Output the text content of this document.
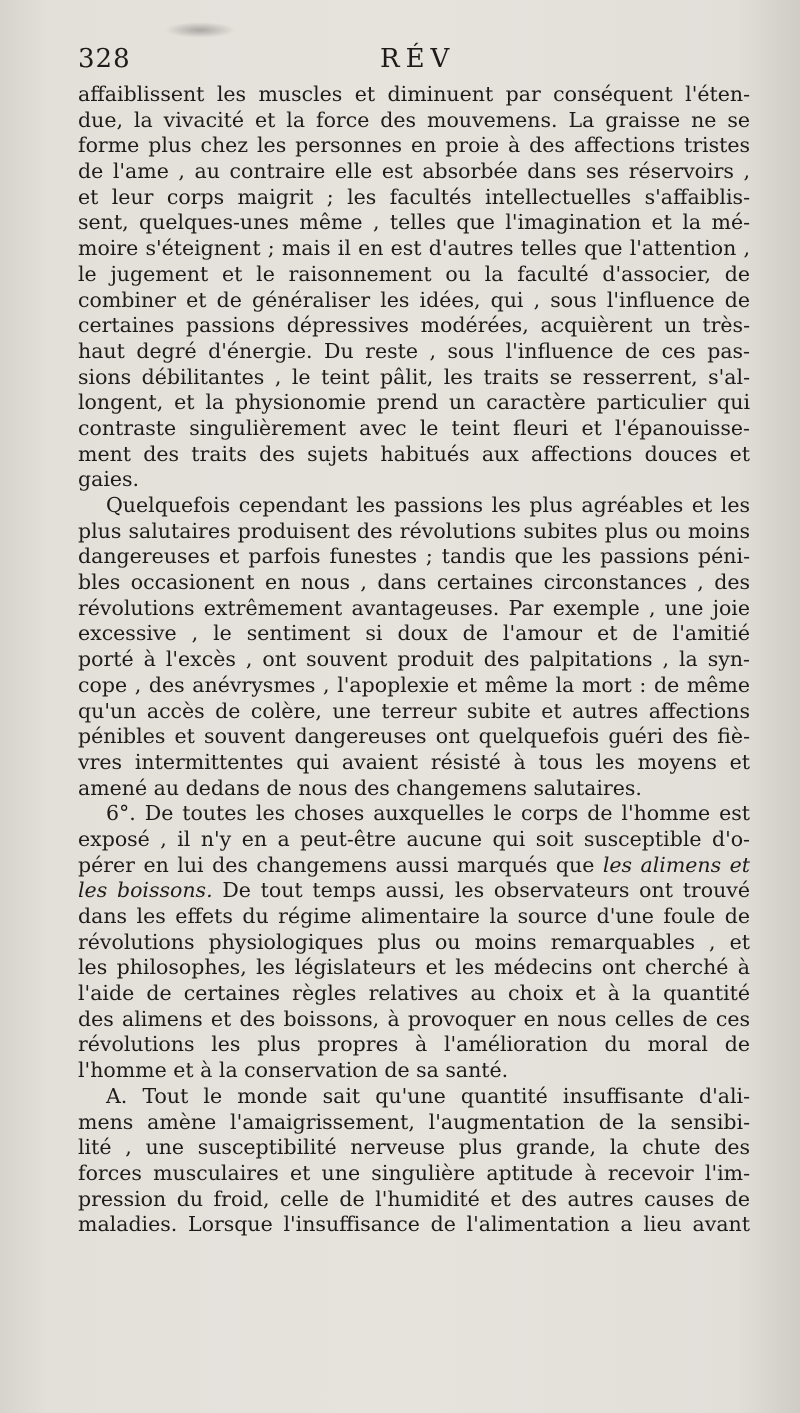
328	RÉV
affaiblissent les muscles et diminuent par conséquent l'éten-
due, la vivacité et la force des mouvemens. La graisse ne se
forme plus chez les personnes en proie à des affections tristes
de l'ame , au contraire elle est absorbée dans ses réservoirs ,
et leur corps maigrit ; les facultés intellectuelles s'affaiblis-
sent, quelques-unes même , telles que l'imagination et la mé-
moire s'éteignent ; mais il en est d'autres telles que l'attention ,
le jugement et le raisonnement ou la faculté d'associer, de
combiner et de généraliser les idées, qui , sous l'influence de
certaines passions dépressives modérées, acquièrent un très-
haut degré d'énergie. Du reste , sous l'influence de ces pas-
sions débilitantes , le teint pâlit, les traits se resserrent, s'al-
longent, et la physionomie prend un caractère particulier qui
contraste singulièrement avec le teint fleuri et l'épanouisse-
ment des traits des sujets habitués aux affections douces et
gaies.
Quelquefois cependant les passions les plus agréables et les
plus salutaires produisent des révolutions subites plus ou moins
dangereuses et parfois funestes ; tandis que les passions péni-
bles occasionent en nous , dans certaines circonstances , des
révolutions extrêmement avantageuses. Par exemple , une joie
excessive , le sentiment si doux de l'amour et de l'amitié
porté à l'excès , ont souvent produit des palpitations , la syn-
cope , des anévrysmes , l'apoplexie et même la mort : de même
qu'un accès de colère, une terreur subite et autres affections
pénibles et souvent dangereuses ont quelquefois guéri des fiè-
vres intermittentes qui avaient résisté à tous les moyens et
amené au dedans de nous des changemens salutaires.
6°. De toutes les choses auxquelles le corps de l'homme est
exposé , il n'y en a peut-être aucune qui soit susceptible d'o-
pérer en lui des changemens aussi marqués que les alimens et
les boissons. De tout temps aussi, les observateurs ont trouvé
dans les effets du régime alimentaire la source d'une foule de
révolutions physiologiques plus ou moins remarquables , et
les philosophes, les législateurs et les médecins ont cherché à
l'aide de certaines règles relatives au choix et à la quantité
des alimens et des boissons, à provoquer en nous celles de ces
révolutions les plus propres à l'amélioration du moral de
l'homme et à la conservation de sa santé.
A. Tout le monde sait qu'une quantité insuffisante d'ali-
mens amène l'amaigrissement, l'augmentation de la sensibi-
lité , une susceptibilité nerveuse plus grande, la chute des
forces musculaires et une singulière aptitude à recevoir l'im-
pression du froid, celle de l'humidité et des autres causes de
maladies. Lorsque l'insuffisance de l'alimentation a lieu avant
